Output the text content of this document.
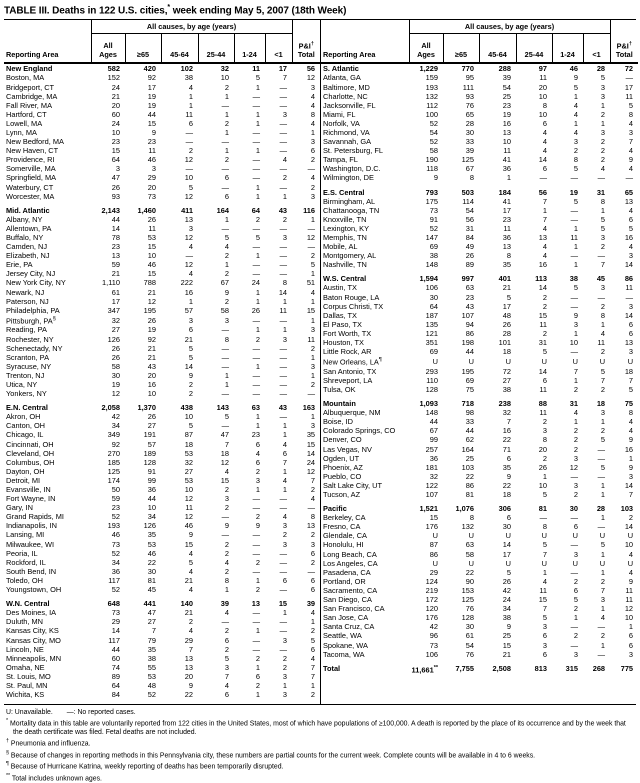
TABLE III. Deaths in 122 U.S. cities,* week ending May 5, 2007 (18th Week)
Reporting Area	All causes, by age (years)						
	All
Ages	≥65	45-64	25-44	1-24	<1	P&I†
Total
New England	582	420	102	32	11	17	56
Boston, MA	152	92	38	10	5	7	12
Bridgeport, CT	24	17	4	2	1	—	3
Cambridge, MA	21	19	1	1	—	—	4
Fall River, MA	20	19	1	—	—	—	4
Hartford, CT	60	44	11	1	1	3	8
Lowell, MA	24	15	6	2	1	—	4
Lynn, MA	10	9	—	1	—	—	1
New Bedford, MA	23	23	—	—	—	—	3
New Haven, CT	15	11	2	1	1	—	6
Providence, RI	64	46	12	2	—	4	2
Somerville, MA	3	3	—	—	—	—	—
Springfield, MA	47	29	10	6	—	2	4
Waterbury, CT	26	20	5	—	1	—	2
Worcester, MA	93	73	12	6	1	1	3
Mid. Atlantic	2,143	1,460	411	164	64	43	116
Albany, NY	44	26	13	1	2	2	1
Allentown, PA	14	11	3	—	—	—	—
Buffalo, NY	78	53	12	5	5	3	12
Camden, NJ	23	15	4	4	—	—	—
Elizabeth, NJ	13	10	—	2	1	—	2
Erie, PA	59	46	12	1	—	—	5
Jersey City, NJ	21	15	4	2	—	—	1
New York City, NY	1,110	788	222	67	24	8	51
Newark, NJ	61	21	16	9	1	14	4
Paterson, NJ	17	12	1	2	1	1	1
Philadelphia, PA	347	195	57	58	26	11	15
Pittsburgh, PA§	32	26	3	3	—	—	1
Reading, PA	27	19	6	—	1	1	3
Rochester, NY	126	92	21	8	2	3	11
Schenectady, NY	26	21	5	—	—	—	2
Scranton, PA	26	21	5	—	—	—	1
Syracuse, NY	58	43	14	—	1	—	3
Trenton, NJ	30	20	9	1	—	—	1
Utica, NY	19	16	2	1	—	—	2
Yonkers, NY	12	10	2	—	—	—	—
E.N. Central	2,058	1,370	438	143	63	43	163
Akron, OH	42	26	10	5	1	—	1
Canton, OH	34	27	5	—	1	1	3
Chicago, IL	349	191	87	47	23	1	35
Cincinnati, OH	92	57	18	7	6	4	15
Cleveland, OH	270	189	53	18	4	6	14
Columbus, OH	185	128	32	12	6	7	24
Dayton, OH	125	91	27	4	2	1	12
Detroit, MI	174	99	53	15	3	4	7
Evansville, IN	50	36	10	2	1	1	2
Fort Wayne, IN	59	44	12	3	—	—	4
Gary, IN	23	10	11	2	—	—	—
Grand Rapids, MI	52	34	12	—	2	4	8
Indianapolis, IN	193	126	46	9	9	3	13
Lansing, MI	46	35	9	—	—	2	2
Milwaukee, WI	73	53	15	2	—	3	3
Peoria, IL	52	46	4	2	—	—	6
Rockford, IL	34	22	5	4	2	—	2
South Bend, IN	36	30	4	2	—	—	—
Toledo, OH	117	81	21	8	1	6	6
Youngstown, OH	52	45	4	1	2	—	6
W.N. Central	648	441	140	39	13	15	39
Des Moines, IA	73	47	21	4	—	1	4
Duluth, MN	29	27	2	—	—	—	1
Kansas City, KS	14	7	4	2	1	—	2
Kansas City, MO	117	79	29	6	—	3	5
Lincoln, NE	44	35	7	2	—	—	6
Minneapolis, MN	60	38	13	5	2	2	4
Omaha, NE	74	55	13	3	1	2	7
St. Louis, MO	89	53	20	7	6	3	7
St. Paul, MN	64	48	9	4	2	1	1
Wichita, KS	84	52	22	6	1	3	2
Reporting Area	All causes, by age (years)						
	All
Ages	≥65	45-64	25-44	1-24	<1	P&I†
Total
S. Atlantic	1,229	770	288	97	46	28	72
Atlanta, GA	159	95	39	11	9	5	—
Baltimore, MD	193	111	54	20	5	3	17
Charlotte, NC	132	93	25	10	1	3	11
Jacksonville, FL	112	76	23	8	4	1	5
Miami, FL	100	65	19	10	4	2	8
Norfolk, VA	52	28	16	6	1	1	4
Richmond, VA	54	30	13	4	4	3	3
Savannah, GA	52	33	10	4	3	2	7
St. Petersburg, FL	58	39	11	4	2	2	4
Tampa, FL	190	125	41	14	8	2	9
Washington, D.C.	118	67	36	6	5	4	4
Wilmington, DE	9	8	1	—	—	—	—
E.S. Central	793	503	184	56	19	31	65
Birmingham, AL	175	114	41	7	5	8	13
Chattanooga, TN	73	54	17	1	—	1	4
Knoxville, TN	91	56	23	7	—	5	6
Lexington, KY	52	31	11	4	1	5	5
Memphis, TN	147	84	36	13	11	3	16
Mobile, AL	69	49	13	4	1	2	4
Montgomery, AL	38	26	8	4	—	—	3
Nashville, TN	148	89	35	16	1	7	14
W.S. Central	1,594	997	401	113	38	45	86
Austin, TX	106	63	21	14	5	3	11
Baton Rouge, LA	30	23	5	2	—	—	—
Corpus Christi, TX	64	43	17	2	—	2	3
Dallas, TX	187	107	48	15	9	8	14
El Paso, TX	135	94	26	11	3	1	6
Fort Worth, TX	121	86	28	2	1	4	6
Houston, TX	351	198	101	31	10	11	13
Little Rock, AR	69	44	18	5	—	2	3
New Orleans, LA¶	U	U	U	U	U	U	U
San Antonio, TX	293	195	72	14	7	5	18
Shreveport, LA	110	69	27	6	1	7	7
Tulsa, OK	128	75	38	11	2	2	5
Mountain	1,093	718	238	88	31	18	75
Albuquerque, NM	148	98	32	11	4	3	8
Boise, ID	44	33	7	2	1	1	4
Colorado Springs, CO	67	44	16	3	2	2	4
Denver, CO	99	62	22	8	2	5	9
Las Vegas, NV	257	164	71	20	2	—	16
Ogden, UT	36	25	6	2	3	—	1
Phoenix, AZ	181	103	35	26	12	5	9
Pueblo, CO	32	22	9	1	—	—	3
Salt Lake City, UT	122	86	22	10	3	1	14
Tucson, AZ	107	81	18	5	2	1	7
Pacific	1,521	1,076	306	81	30	28	103
Berkeley, CA	15	8	6	—	—	1	2
Fresno, CA	176	132	30	8	6	—	14
Glendale, CA	U	U	U	U	U	U	U
Honolulu, HI	87	63	14	5	—	5	10
Long Beach, CA	86	58	17	7	3	1	4
Los Angeles, CA	U	U	U	U	U	U	U
Pasadena, CA	29	22	5	1	—	1	4
Portland, OR	124	90	26	4	2	2	9
Sacramento, CA	219	153	42	11	6	7	11
San Diego, CA	172	125	24	15	5	3	11
San Francisco, CA	120	76	34	7	2	1	12
San Jose, CA	176	128	38	5	1	4	10
Santa Cruz, CA	42	30	9	3	—	—	1
Seattle, WA	96	61	25	6	2	2	6
Spokane, WA	73	54	15	3	—	1	6
Tacoma, WA	106	76	21	6	3	—	3
Total	11,661**	7,755	2,508	813	315	268	775
U: Unavailable. —: No reported cases.
* Mortality data in this table are voluntarily reported from 122 cities in the United States, most of which have populations of ≥100,000. A death is reported by the place of its occurrence and by the week that the death certificate was filed. Fetal deaths are not included.
† Pneumonia and influenza.
§ Because of changes in reporting methods in this Pennsylvania city, these numbers are partial counts for the current week. Complete counts will be available in 4 to 6 weeks.
¶ Because of Hurricane Katrina, weekly reporting of deaths has been temporarily disrupted.
** Total includes unknown ages.
